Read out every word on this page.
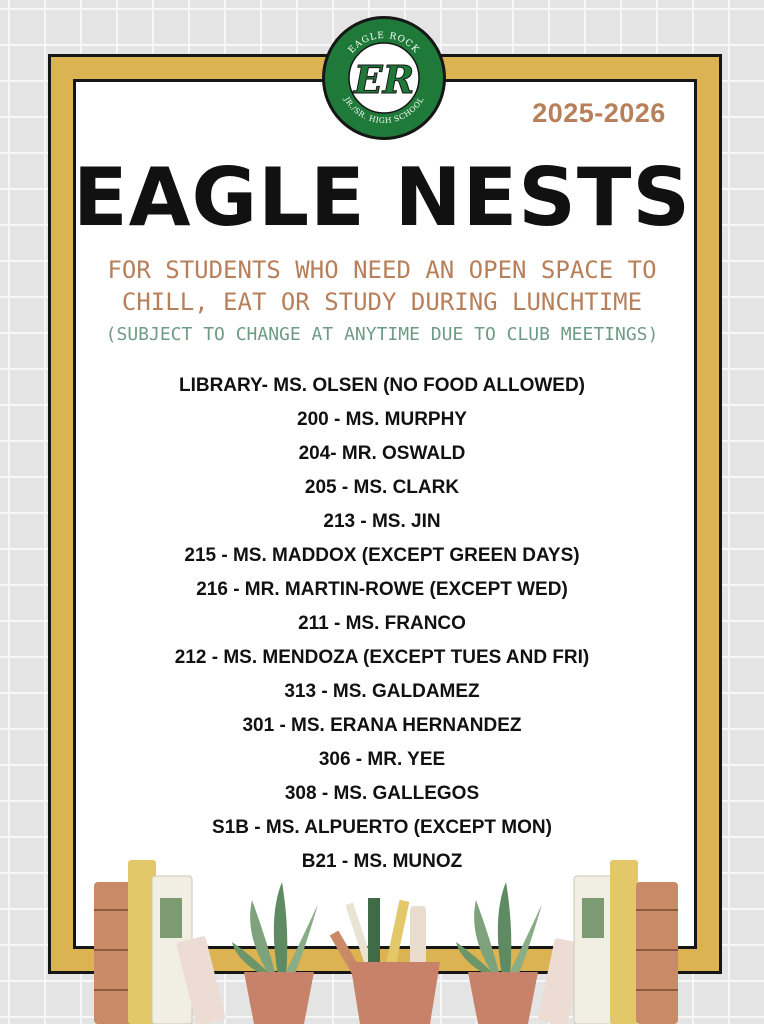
EAGLE ROCK
JR./SR. HIGH SCHOOL
ER
2025-2026
EAGLE NESTS
FOR STUDENTS WHO NEED AN OPEN SPACE TO
CHILL, EAT OR STUDY DURING LUNCHTIME
(SUBJECT TO CHANGE AT ANYTIME DUE TO CLUB MEETINGS)
LIBRARY- MS. OLSEN (NO FOOD ALLOWED)
200 - MS. MURPHY
204- MR. OSWALD
205 - MS. CLARK
213 - MS. JIN
215 - MS. MADDOX (EXCEPT GREEN DAYS)
216 - MR. MARTIN-ROWE (EXCEPT WED)
211 - MS. FRANCO
212 - MS. MENDOZA (EXCEPT TUES AND FRI)
313 - MS. GALDAMEZ
301 - MS. ERANA HERNANDEZ
306 - MR. YEE
308 - MS. GALLEGOS
S1B - MS. ALPUERTO (EXCEPT MON)
B21 - MS. MUNOZ
